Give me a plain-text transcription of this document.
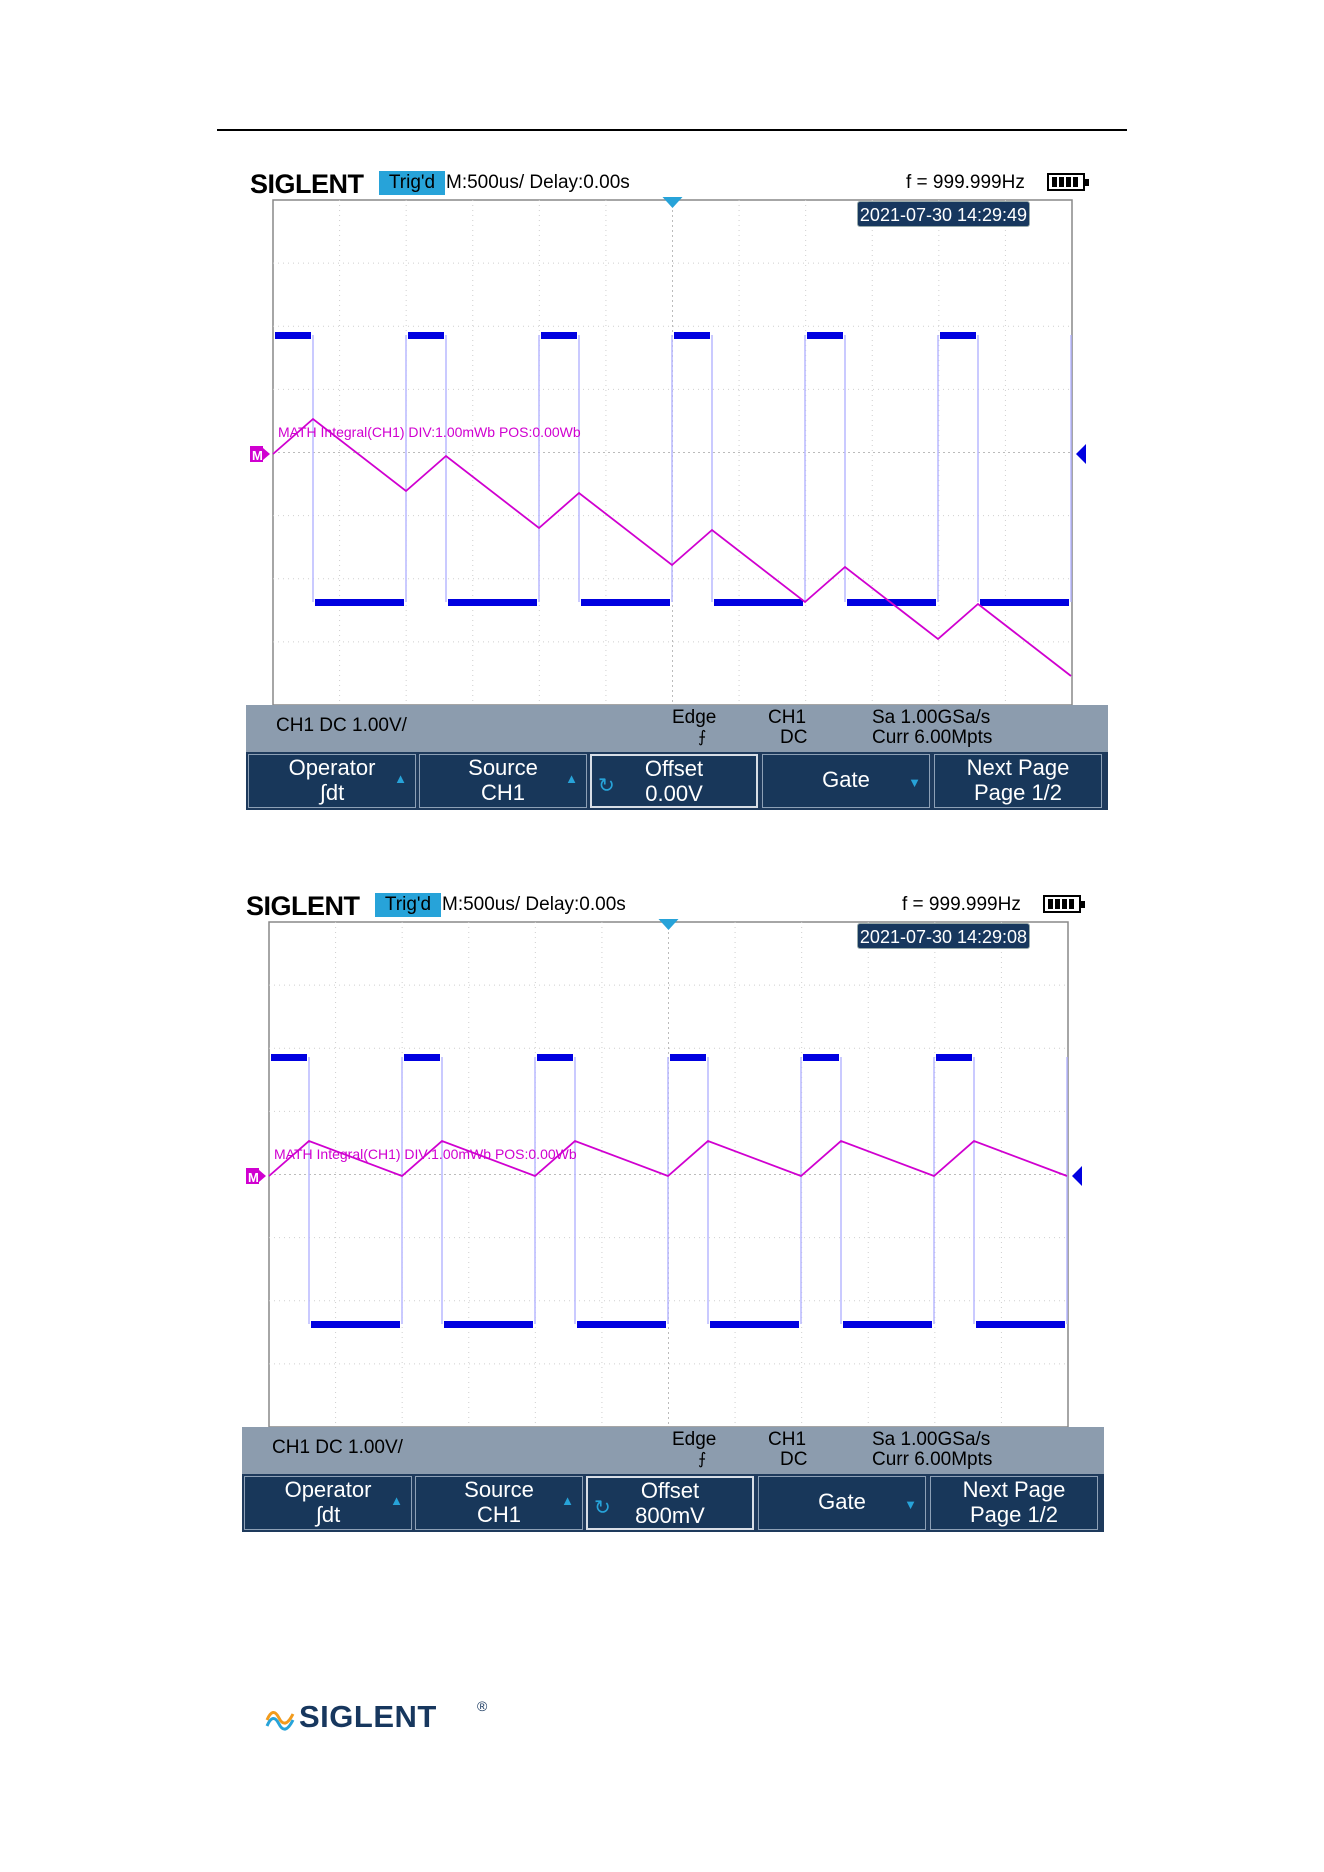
SIGLENT	Trig'd M:500us/ Delay:0.00s	f = 999.999Hz
M
2021-07-30 14:29:49
MATH Integral(CH1) DIV:1.00mWb POS:0.00Wb
CH1 DC 1.00V/	Edge
⨍
CH1
DC
Sa 1.00GSa/s
Curr 6.00Mpts
Operator
∫dt
▲	Source
CH1
▲ ↻
Offset
0.00V
Gate	▼
Next Page
Page 1/2
SIGLENT	Trig'd M:500us/ Delay:0.00s	f = 999.999Hz
M
2021-07-30 14:29:08
MATH Integral(CH1) DIV:1.00mWb POS:0.00Wb
CH1 DC 1.00V/	Edge
⨍
CH1
DC
Sa 1.00GSa/s
Curr 6.00Mpts
Operator
∫dt
▲	Source
CH1
▲ ↻
Offset
800mV
Gate	▼
Next Page
Page 1/2
SIGLENT	®
